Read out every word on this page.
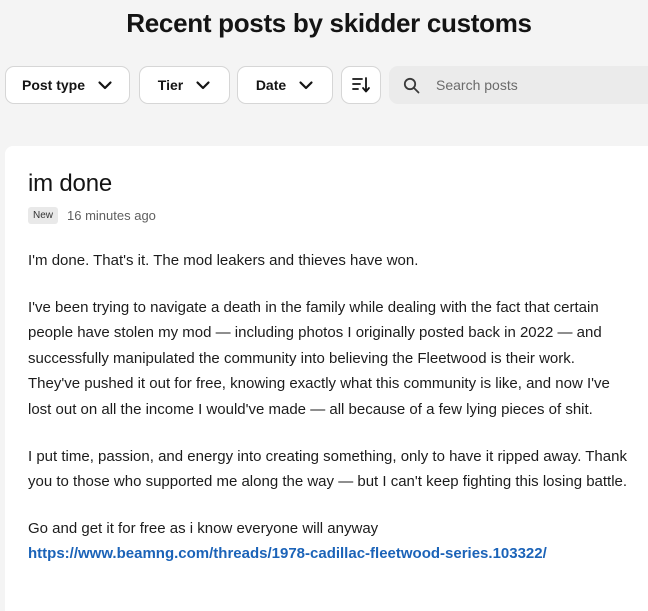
Recent posts by skidder customs
Post type	Tier	Date
Search posts
im done
New	16 minutes ago

I'm done. That's it. The mod leakers and thieves have won.

I've been trying to navigate a death in the family while dealing with the fact that certain people have stolen my mod — including photos I originally posted back in 2022 — and successfully manipulated the community into believing the Fleetwood is their work. They've pushed it out for free, knowing exactly what this community is like, and now I've lost out on all the income I would've made — all because of a few lying pieces of shit.

I put time, passion, and energy into creating something, only to have it ripped away. Thank you to those who supported me along the way — but I can't keep fighting this losing battle.

Go and get it for free as i know everyone will anyway

https://www.beamng.com/threads/1978-cadillac-fleetwood-series.103322/
